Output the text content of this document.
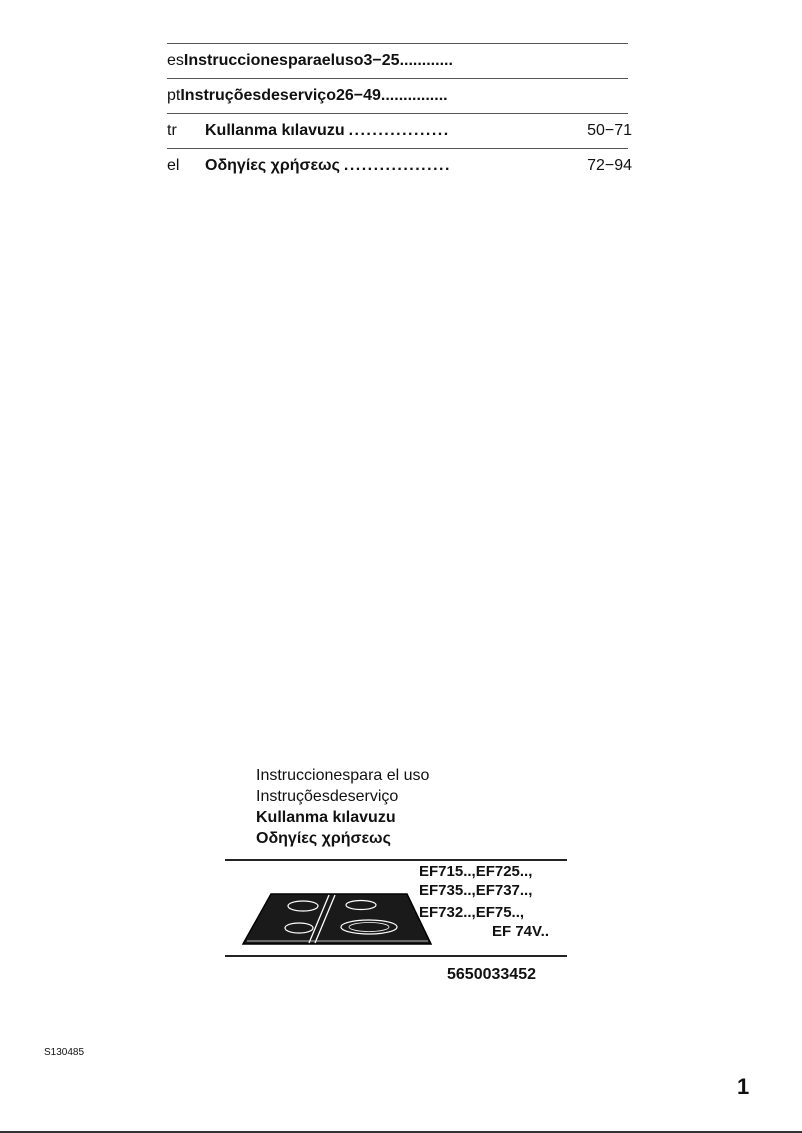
esInstruccionesparaeluso3−25............
ptInstruçõesdeserviço26−49...............
tr Kullanma kılavuzu .................	50−71
el Οδηγίες χρήσεως ..................	72−94
Instruccionespara el uso
Instruçõesdeserviço
Kullanma kılavuzu
Οδηγίες χρήσεως
EF715..,EF725..,
EF735..,EF737..,
EF732..,EF75..,
EF 74V..
5650033452
S130485
1
